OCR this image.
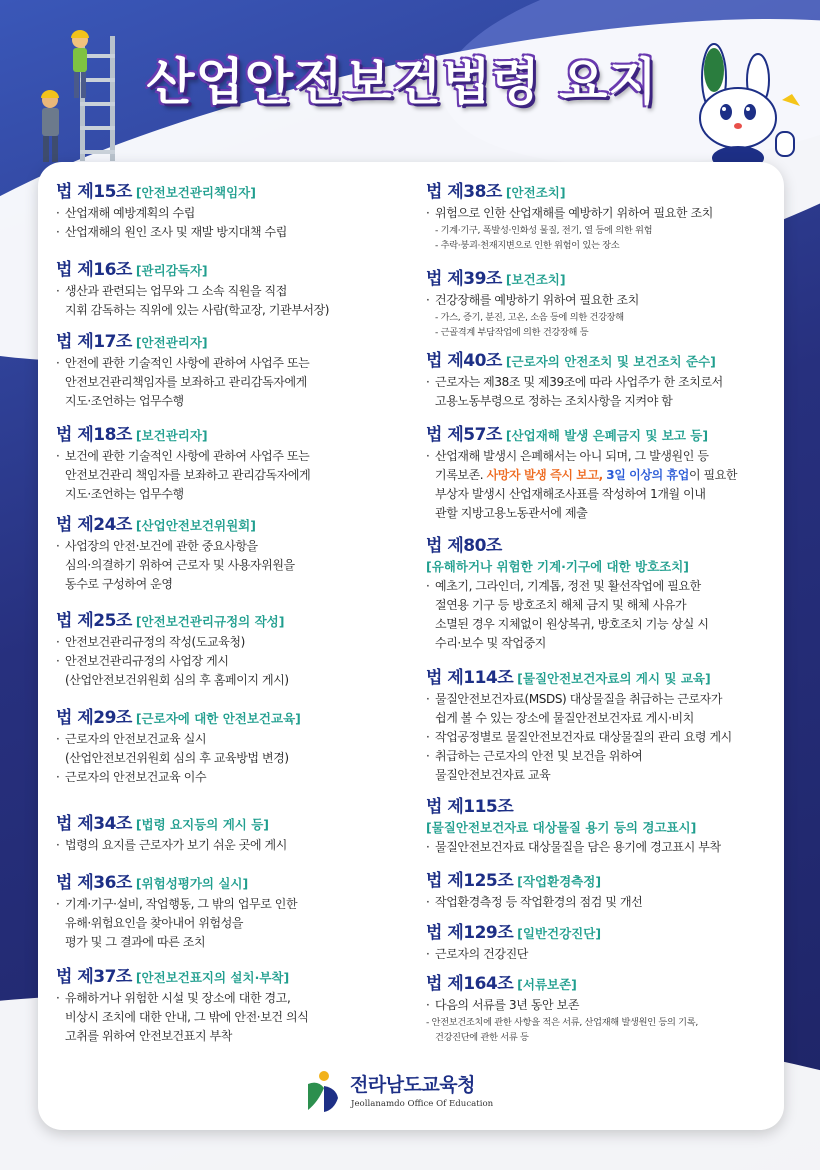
산업안전보건법령 요지
법 제15조 [안전보건관리책임자]
· 산업재해 예방계획의 수립
· 산업재해의 원인 조사 및 재발 방지대책 수립
법 제16조 [관리감독자]
· 생산과 관련되는 업무와 그 소속 직원을 직접
지휘 감독하는 직위에 있는 사람(학교장, 기관부서장)
법 제17조 [안전관리자]
· 안전에 관한 기술적인 사항에 관하여 사업주 또는
안전보건관리책임자를 보좌하고 관리감독자에게
지도·조언하는 업무수행
법 제18조 [보건관리자]
· 보건에 관한 기술적인 사항에 관하여 사업주 또는
안전보건관리 책임자를 보좌하고 관리감독자에게
지도·조언하는 업무수행
법 제24조 [산업안전보건위원회]
· 사업장의 안전·보건에 관한 중요사항을
심의·의결하기 위하여 근로자 및 사용자위원을
동수로 구성하여 운영
법 제25조 [안전보건관리규정의 작성]
· 안전보건관리규정의 작성(도교육청)
· 안전보건관리규정의 사업장 게시
(산업안전보건위원회 심의 후 홈페이지 게시)
법 제29조 [근로자에 대한 안전보건교육]
· 근로자의 안전보건교육 실시
(산업안전보건위원회 심의 후 교육방법 변경)
· 근로자의 안전보건교육 이수
법 제34조 [법령 요지등의 게시 등]
· 법령의 요지를 근로자가 보기 쉬운 곳에 게시
법 제36조 [위험성평가의 실시]
· 기계·기구·설비, 작업행동, 그 밖의 업무로 인한
유해·위험요인을 찾아내어 위험성을
평가 및 그 결과에 따른 조치
법 제37조 [안전보건표지의 설치·부착]
· 유해하거나 위험한 시설 및 장소에 대한 경고,
비상시 조치에 대한 안내, 그 밖에 안전·보건 의식
고취를 위하여 안전보건표지 부착
법 제38조 [안전조치]
· 위험으로 인한 산업재해를 예방하기 위하여 필요한 조치
- 기계·기구, 폭발성·인화성 물질, 전기, 열 등에 의한 위험
- 추락·붕괴·천재지변으로 인한 위험이 있는 장소
법 제39조 [보건조치]
· 건강장해를 예방하기 위하여 필요한 조치
- 가스, 증기, 분진, 고온, 소음 등에 의한 건강장해
- 근골격계 부담작업에 의한 건강장해 등
법 제40조 [근로자의 안전조치 및 보건조치 준수]
· 근로자는 제38조 및 제39조에 따라 사업주가 한 조치로서
고용노동부령으로 정하는 조치사항을 지켜야 함
법 제57조 [산업재해 발생 은폐금지 및 보고 등]
· 산업재해 발생시 은폐해서는 아니 되며, 그 발생원인 등
기록보존. 사망자 발생 즉시 보고, 3일 이상의 휴업이 필요한
부상자 발생시 산업재해조사표를 작성하여 1개월 이내
관할 지방고용노동관서에 제출
법 제80조
[유해하거나 위험한 기계·기구에 대한 방호조치]
· 예초기, 그라인더, 기계톱, 정전 및 활선작업에 필요한
절연용 기구 등 방호조치 해체 금지 및 해체 사유가
소멸된 경우 지체없이 원상복귀, 방호조치 기능 상실 시
수리·보수 및 작업중지
법 제114조 [물질안전보건자료의 게시 및 교육]
· 물질안전보건자료(MSDS) 대상물질을 취급하는 근로자가
쉽게 볼 수 있는 장소에 물질안전보건자료 게시·비치
· 작업공정별로 물질안전보건자료 대상물질의 관리 요령 게시
· 취급하는 근로자의 안전 및 보건을 위하여
물질안전보건자료 교육
법 제115조
[물질안전보건자료 대상물질 용기 등의 경고표시]
· 물질안전보건자료 대상물질을 담은 용기에 경고표시 부착
법 제125조 [작업환경측정]
· 작업환경측정 등 작업환경의 점검 및 개선
법 제129조 [일반건강진단]
· 근로자의 건강진단
법 제164조 [서류보존]
· 다음의 서류를 3년 동안 보존
- 안전보건조치에 관한 사항을 적은 서류, 산업재해 발생원인 등의 기록,
건강진단에 관한 서류 등
전라남도교육청
Jeollanamdo Office Of Education
